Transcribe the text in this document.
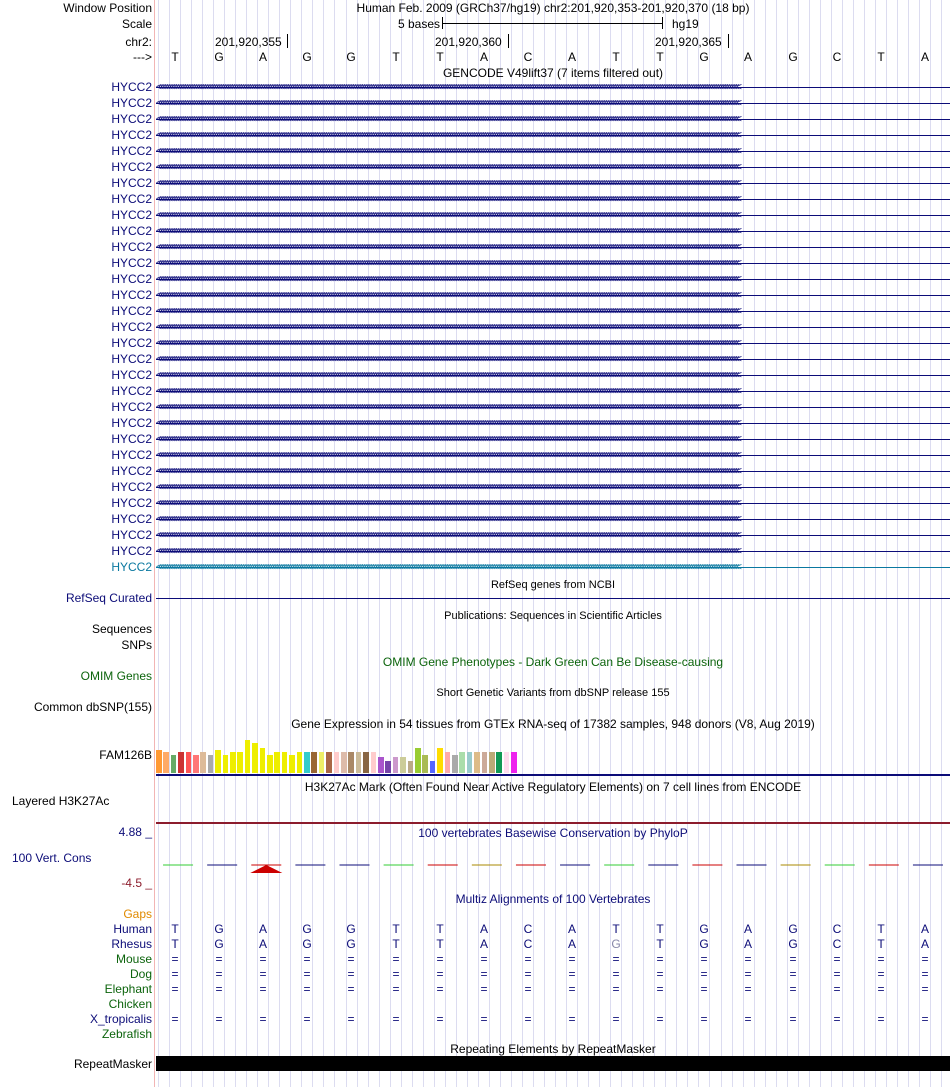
Window Position	Human Feb. 2009 (GRCh37/hg19) chr2:201,920,353-201,920,370 (18 bp)
Scale	5 bases	hg19
chr2:	201,920,355	201,920,360	201,920,365
--->
GENCODE V49lift37 (7 items filtered out)
RefSeq genes from NCBI
RefSeq Curated
Publications: Sequences in Scientific Articles
Sequences
SNPs
OMIM Gene Phenotypes - Dark Green Can Be Disease-causing
OMIM Genes
Short Genetic Variants from dbSNP release 155
Common dbSNP(155)
Gene Expression in 54 tissues from GTEx RNA-seq of 17382 samples, 948 donors (V8, Aug 2019)
FAM126B
H3K27Ac Mark (Often Found Near Active Regulatory Elements) on 7 cell lines from ENCODE
Layered H3K27Ac
100 vertebrates Basewise Conservation by PhyloP
4.88 _
100 Vert. Cons
-4.5 _
Multiz Alignments of 100 Vertebrates
Gaps
Repeating Elements by RepeatMasker
RepeatMasker
T	G	A	G	G	T	T	A	C	A	T	T	G	A	G	C	T	A
HYCC2 <<<<<<<<<<<<<<<<<<<<<<<<<<<<<<<<<<<<<<<<<<<<<<<<<<<<<<<<<<<<<<<<<<<<<<<<<<<<<<<<<<<<<<<<<<<<<<<<<<<<<<<<<<<<<<<<<<<<<<<<<<<<<<<<<<<<<<<<<<<<<<<<<<<<<<<<<<<<<<<<<<<<<<<<<<<<<<<<<<<<<<<<<<<<<<<<<<<<<<<<<<<<<<<<<<<<<<<<<<<<<<<<<<<<<<<<<<<<<<<<<<<<<<<<<<<<<<<<<<<<
HYCC2 <<<<<<<<<<<<<<<<<<<<<<<<<<<<<<<<<<<<<<<<<<<<<<<<<<<<<<<<<<<<<<<<<<<<<<<<<<<<<<<<<<<<<<<<<<<<<<<<<<<<<<<<<<<<<<<<<<<<<<<<<<<<<<<<<<<<<<<<<<<<<<<<<<<<<<<<<<<<<<<<<<<<<<<<<<<<<<<<<<<<<<<<<<<<<<<<<<<<<<<<<<<<<<<<<<<<<<<<<<<<<<<<<<<<<<<<<<<<<<<<<<<<<<<<<<<<<<<<<<<<
HYCC2 <<<<<<<<<<<<<<<<<<<<<<<<<<<<<<<<<<<<<<<<<<<<<<<<<<<<<<<<<<<<<<<<<<<<<<<<<<<<<<<<<<<<<<<<<<<<<<<<<<<<<<<<<<<<<<<<<<<<<<<<<<<<<<<<<<<<<<<<<<<<<<<<<<<<<<<<<<<<<<<<<<<<<<<<<<<<<<<<<<<<<<<<<<<<<<<<<<<<<<<<<<<<<<<<<<<<<<<<<<<<<<<<<<<<<<<<<<<<<<<<<<<<<<<<<<<<<<<<<<<<
HYCC2 <<<<<<<<<<<<<<<<<<<<<<<<<<<<<<<<<<<<<<<<<<<<<<<<<<<<<<<<<<<<<<<<<<<<<<<<<<<<<<<<<<<<<<<<<<<<<<<<<<<<<<<<<<<<<<<<<<<<<<<<<<<<<<<<<<<<<<<<<<<<<<<<<<<<<<<<<<<<<<<<<<<<<<<<<<<<<<<<<<<<<<<<<<<<<<<<<<<<<<<<<<<<<<<<<<<<<<<<<<<<<<<<<<<<<<<<<<<<<<<<<<<<<<<<<<<<<<<<<<<<
HYCC2 <<<<<<<<<<<<<<<<<<<<<<<<<<<<<<<<<<<<<<<<<<<<<<<<<<<<<<<<<<<<<<<<<<<<<<<<<<<<<<<<<<<<<<<<<<<<<<<<<<<<<<<<<<<<<<<<<<<<<<<<<<<<<<<<<<<<<<<<<<<<<<<<<<<<<<<<<<<<<<<<<<<<<<<<<<<<<<<<<<<<<<<<<<<<<<<<<<<<<<<<<<<<<<<<<<<<<<<<<<<<<<<<<<<<<<<<<<<<<<<<<<<<<<<<<<<<<<<<<<<<
HYCC2 <<<<<<<<<<<<<<<<<<<<<<<<<<<<<<<<<<<<<<<<<<<<<<<<<<<<<<<<<<<<<<<<<<<<<<<<<<<<<<<<<<<<<<<<<<<<<<<<<<<<<<<<<<<<<<<<<<<<<<<<<<<<<<<<<<<<<<<<<<<<<<<<<<<<<<<<<<<<<<<<<<<<<<<<<<<<<<<<<<<<<<<<<<<<<<<<<<<<<<<<<<<<<<<<<<<<<<<<<<<<<<<<<<<<<<<<<<<<<<<<<<<<<<<<<<<<<<<<<<<<
HYCC2 <<<<<<<<<<<<<<<<<<<<<<<<<<<<<<<<<<<<<<<<<<<<<<<<<<<<<<<<<<<<<<<<<<<<<<<<<<<<<<<<<<<<<<<<<<<<<<<<<<<<<<<<<<<<<<<<<<<<<<<<<<<<<<<<<<<<<<<<<<<<<<<<<<<<<<<<<<<<<<<<<<<<<<<<<<<<<<<<<<<<<<<<<<<<<<<<<<<<<<<<<<<<<<<<<<<<<<<<<<<<<<<<<<<<<<<<<<<<<<<<<<<<<<<<<<<<<<<<<<<<
HYCC2 <<<<<<<<<<<<<<<<<<<<<<<<<<<<<<<<<<<<<<<<<<<<<<<<<<<<<<<<<<<<<<<<<<<<<<<<<<<<<<<<<<<<<<<<<<<<<<<<<<<<<<<<<<<<<<<<<<<<<<<<<<<<<<<<<<<<<<<<<<<<<<<<<<<<<<<<<<<<<<<<<<<<<<<<<<<<<<<<<<<<<<<<<<<<<<<<<<<<<<<<<<<<<<<<<<<<<<<<<<<<<<<<<<<<<<<<<<<<<<<<<<<<<<<<<<<<<<<<<<<<
HYCC2 <<<<<<<<<<<<<<<<<<<<<<<<<<<<<<<<<<<<<<<<<<<<<<<<<<<<<<<<<<<<<<<<<<<<<<<<<<<<<<<<<<<<<<<<<<<<<<<<<<<<<<<<<<<<<<<<<<<<<<<<<<<<<<<<<<<<<<<<<<<<<<<<<<<<<<<<<<<<<<<<<<<<<<<<<<<<<<<<<<<<<<<<<<<<<<<<<<<<<<<<<<<<<<<<<<<<<<<<<<<<<<<<<<<<<<<<<<<<<<<<<<<<<<<<<<<<<<<<<<<<
HYCC2 <<<<<<<<<<<<<<<<<<<<<<<<<<<<<<<<<<<<<<<<<<<<<<<<<<<<<<<<<<<<<<<<<<<<<<<<<<<<<<<<<<<<<<<<<<<<<<<<<<<<<<<<<<<<<<<<<<<<<<<<<<<<<<<<<<<<<<<<<<<<<<<<<<<<<<<<<<<<<<<<<<<<<<<<<<<<<<<<<<<<<<<<<<<<<<<<<<<<<<<<<<<<<<<<<<<<<<<<<<<<<<<<<<<<<<<<<<<<<<<<<<<<<<<<<<<<<<<<<<<<
HYCC2 <<<<<<<<<<<<<<<<<<<<<<<<<<<<<<<<<<<<<<<<<<<<<<<<<<<<<<<<<<<<<<<<<<<<<<<<<<<<<<<<<<<<<<<<<<<<<<<<<<<<<<<<<<<<<<<<<<<<<<<<<<<<<<<<<<<<<<<<<<<<<<<<<<<<<<<<<<<<<<<<<<<<<<<<<<<<<<<<<<<<<<<<<<<<<<<<<<<<<<<<<<<<<<<<<<<<<<<<<<<<<<<<<<<<<<<<<<<<<<<<<<<<<<<<<<<<<<<<<<<<
HYCC2 <<<<<<<<<<<<<<<<<<<<<<<<<<<<<<<<<<<<<<<<<<<<<<<<<<<<<<<<<<<<<<<<<<<<<<<<<<<<<<<<<<<<<<<<<<<<<<<<<<<<<<<<<<<<<<<<<<<<<<<<<<<<<<<<<<<<<<<<<<<<<<<<<<<<<<<<<<<<<<<<<<<<<<<<<<<<<<<<<<<<<<<<<<<<<<<<<<<<<<<<<<<<<<<<<<<<<<<<<<<<<<<<<<<<<<<<<<<<<<<<<<<<<<<<<<<<<<<<<<<<
HYCC2 <<<<<<<<<<<<<<<<<<<<<<<<<<<<<<<<<<<<<<<<<<<<<<<<<<<<<<<<<<<<<<<<<<<<<<<<<<<<<<<<<<<<<<<<<<<<<<<<<<<<<<<<<<<<<<<<<<<<<<<<<<<<<<<<<<<<<<<<<<<<<<<<<<<<<<<<<<<<<<<<<<<<<<<<<<<<<<<<<<<<<<<<<<<<<<<<<<<<<<<<<<<<<<<<<<<<<<<<<<<<<<<<<<<<<<<<<<<<<<<<<<<<<<<<<<<<<<<<<<<<
HYCC2 <<<<<<<<<<<<<<<<<<<<<<<<<<<<<<<<<<<<<<<<<<<<<<<<<<<<<<<<<<<<<<<<<<<<<<<<<<<<<<<<<<<<<<<<<<<<<<<<<<<<<<<<<<<<<<<<<<<<<<<<<<<<<<<<<<<<<<<<<<<<<<<<<<<<<<<<<<<<<<<<<<<<<<<<<<<<<<<<<<<<<<<<<<<<<<<<<<<<<<<<<<<<<<<<<<<<<<<<<<<<<<<<<<<<<<<<<<<<<<<<<<<<<<<<<<<<<<<<<<<<
HYCC2 <<<<<<<<<<<<<<<<<<<<<<<<<<<<<<<<<<<<<<<<<<<<<<<<<<<<<<<<<<<<<<<<<<<<<<<<<<<<<<<<<<<<<<<<<<<<<<<<<<<<<<<<<<<<<<<<<<<<<<<<<<<<<<<<<<<<<<<<<<<<<<<<<<<<<<<<<<<<<<<<<<<<<<<<<<<<<<<<<<<<<<<<<<<<<<<<<<<<<<<<<<<<<<<<<<<<<<<<<<<<<<<<<<<<<<<<<<<<<<<<<<<<<<<<<<<<<<<<<<<<
HYCC2 <<<<<<<<<<<<<<<<<<<<<<<<<<<<<<<<<<<<<<<<<<<<<<<<<<<<<<<<<<<<<<<<<<<<<<<<<<<<<<<<<<<<<<<<<<<<<<<<<<<<<<<<<<<<<<<<<<<<<<<<<<<<<<<<<<<<<<<<<<<<<<<<<<<<<<<<<<<<<<<<<<<<<<<<<<<<<<<<<<<<<<<<<<<<<<<<<<<<<<<<<<<<<<<<<<<<<<<<<<<<<<<<<<<<<<<<<<<<<<<<<<<<<<<<<<<<<<<<<<<<
HYCC2 <<<<<<<<<<<<<<<<<<<<<<<<<<<<<<<<<<<<<<<<<<<<<<<<<<<<<<<<<<<<<<<<<<<<<<<<<<<<<<<<<<<<<<<<<<<<<<<<<<<<<<<<<<<<<<<<<<<<<<<<<<<<<<<<<<<<<<<<<<<<<<<<<<<<<<<<<<<<<<<<<<<<<<<<<<<<<<<<<<<<<<<<<<<<<<<<<<<<<<<<<<<<<<<<<<<<<<<<<<<<<<<<<<<<<<<<<<<<<<<<<<<<<<<<<<<<<<<<<<<<
HYCC2 <<<<<<<<<<<<<<<<<<<<<<<<<<<<<<<<<<<<<<<<<<<<<<<<<<<<<<<<<<<<<<<<<<<<<<<<<<<<<<<<<<<<<<<<<<<<<<<<<<<<<<<<<<<<<<<<<<<<<<<<<<<<<<<<<<<<<<<<<<<<<<<<<<<<<<<<<<<<<<<<<<<<<<<<<<<<<<<<<<<<<<<<<<<<<<<<<<<<<<<<<<<<<<<<<<<<<<<<<<<<<<<<<<<<<<<<<<<<<<<<<<<<<<<<<<<<<<<<<<<<
HYCC2 <<<<<<<<<<<<<<<<<<<<<<<<<<<<<<<<<<<<<<<<<<<<<<<<<<<<<<<<<<<<<<<<<<<<<<<<<<<<<<<<<<<<<<<<<<<<<<<<<<<<<<<<<<<<<<<<<<<<<<<<<<<<<<<<<<<<<<<<<<<<<<<<<<<<<<<<<<<<<<<<<<<<<<<<<<<<<<<<<<<<<<<<<<<<<<<<<<<<<<<<<<<<<<<<<<<<<<<<<<<<<<<<<<<<<<<<<<<<<<<<<<<<<<<<<<<<<<<<<<<<
HYCC2 <<<<<<<<<<<<<<<<<<<<<<<<<<<<<<<<<<<<<<<<<<<<<<<<<<<<<<<<<<<<<<<<<<<<<<<<<<<<<<<<<<<<<<<<<<<<<<<<<<<<<<<<<<<<<<<<<<<<<<<<<<<<<<<<<<<<<<<<<<<<<<<<<<<<<<<<<<<<<<<<<<<<<<<<<<<<<<<<<<<<<<<<<<<<<<<<<<<<<<<<<<<<<<<<<<<<<<<<<<<<<<<<<<<<<<<<<<<<<<<<<<<<<<<<<<<<<<<<<<<<
HYCC2 <<<<<<<<<<<<<<<<<<<<<<<<<<<<<<<<<<<<<<<<<<<<<<<<<<<<<<<<<<<<<<<<<<<<<<<<<<<<<<<<<<<<<<<<<<<<<<<<<<<<<<<<<<<<<<<<<<<<<<<<<<<<<<<<<<<<<<<<<<<<<<<<<<<<<<<<<<<<<<<<<<<<<<<<<<<<<<<<<<<<<<<<<<<<<<<<<<<<<<<<<<<<<<<<<<<<<<<<<<<<<<<<<<<<<<<<<<<<<<<<<<<<<<<<<<<<<<<<<<<<
HYCC2 <<<<<<<<<<<<<<<<<<<<<<<<<<<<<<<<<<<<<<<<<<<<<<<<<<<<<<<<<<<<<<<<<<<<<<<<<<<<<<<<<<<<<<<<<<<<<<<<<<<<<<<<<<<<<<<<<<<<<<<<<<<<<<<<<<<<<<<<<<<<<<<<<<<<<<<<<<<<<<<<<<<<<<<<<<<<<<<<<<<<<<<<<<<<<<<<<<<<<<<<<<<<<<<<<<<<<<<<<<<<<<<<<<<<<<<<<<<<<<<<<<<<<<<<<<<<<<<<<<<<
HYCC2 <<<<<<<<<<<<<<<<<<<<<<<<<<<<<<<<<<<<<<<<<<<<<<<<<<<<<<<<<<<<<<<<<<<<<<<<<<<<<<<<<<<<<<<<<<<<<<<<<<<<<<<<<<<<<<<<<<<<<<<<<<<<<<<<<<<<<<<<<<<<<<<<<<<<<<<<<<<<<<<<<<<<<<<<<<<<<<<<<<<<<<<<<<<<<<<<<<<<<<<<<<<<<<<<<<<<<<<<<<<<<<<<<<<<<<<<<<<<<<<<<<<<<<<<<<<<<<<<<<<<
HYCC2 <<<<<<<<<<<<<<<<<<<<<<<<<<<<<<<<<<<<<<<<<<<<<<<<<<<<<<<<<<<<<<<<<<<<<<<<<<<<<<<<<<<<<<<<<<<<<<<<<<<<<<<<<<<<<<<<<<<<<<<<<<<<<<<<<<<<<<<<<<<<<<<<<<<<<<<<<<<<<<<<<<<<<<<<<<<<<<<<<<<<<<<<<<<<<<<<<<<<<<<<<<<<<<<<<<<<<<<<<<<<<<<<<<<<<<<<<<<<<<<<<<<<<<<<<<<<<<<<<<<<
HYCC2 <<<<<<<<<<<<<<<<<<<<<<<<<<<<<<<<<<<<<<<<<<<<<<<<<<<<<<<<<<<<<<<<<<<<<<<<<<<<<<<<<<<<<<<<<<<<<<<<<<<<<<<<<<<<<<<<<<<<<<<<<<<<<<<<<<<<<<<<<<<<<<<<<<<<<<<<<<<<<<<<<<<<<<<<<<<<<<<<<<<<<<<<<<<<<<<<<<<<<<<<<<<<<<<<<<<<<<<<<<<<<<<<<<<<<<<<<<<<<<<<<<<<<<<<<<<<<<<<<<<<
HYCC2 <<<<<<<<<<<<<<<<<<<<<<<<<<<<<<<<<<<<<<<<<<<<<<<<<<<<<<<<<<<<<<<<<<<<<<<<<<<<<<<<<<<<<<<<<<<<<<<<<<<<<<<<<<<<<<<<<<<<<<<<<<<<<<<<<<<<<<<<<<<<<<<<<<<<<<<<<<<<<<<<<<<<<<<<<<<<<<<<<<<<<<<<<<<<<<<<<<<<<<<<<<<<<<<<<<<<<<<<<<<<<<<<<<<<<<<<<<<<<<<<<<<<<<<<<<<<<<<<<<<<
HYCC2 <<<<<<<<<<<<<<<<<<<<<<<<<<<<<<<<<<<<<<<<<<<<<<<<<<<<<<<<<<<<<<<<<<<<<<<<<<<<<<<<<<<<<<<<<<<<<<<<<<<<<<<<<<<<<<<<<<<<<<<<<<<<<<<<<<<<<<<<<<<<<<<<<<<<<<<<<<<<<<<<<<<<<<<<<<<<<<<<<<<<<<<<<<<<<<<<<<<<<<<<<<<<<<<<<<<<<<<<<<<<<<<<<<<<<<<<<<<<<<<<<<<<<<<<<<<<<<<<<<<<
HYCC2 <<<<<<<<<<<<<<<<<<<<<<<<<<<<<<<<<<<<<<<<<<<<<<<<<<<<<<<<<<<<<<<<<<<<<<<<<<<<<<<<<<<<<<<<<<<<<<<<<<<<<<<<<<<<<<<<<<<<<<<<<<<<<<<<<<<<<<<<<<<<<<<<<<<<<<<<<<<<<<<<<<<<<<<<<<<<<<<<<<<<<<<<<<<<<<<<<<<<<<<<<<<<<<<<<<<<<<<<<<<<<<<<<<<<<<<<<<<<<<<<<<<<<<<<<<<<<<<<<<<<
HYCC2 <<<<<<<<<<<<<<<<<<<<<<<<<<<<<<<<<<<<<<<<<<<<<<<<<<<<<<<<<<<<<<<<<<<<<<<<<<<<<<<<<<<<<<<<<<<<<<<<<<<<<<<<<<<<<<<<<<<<<<<<<<<<<<<<<<<<<<<<<<<<<<<<<<<<<<<<<<<<<<<<<<<<<<<<<<<<<<<<<<<<<<<<<<<<<<<<<<<<<<<<<<<<<<<<<<<<<<<<<<<<<<<<<<<<<<<<<<<<<<<<<<<<<<<<<<<<<<<<<<<<
HYCC2 <<<<<<<<<<<<<<<<<<<<<<<<<<<<<<<<<<<<<<<<<<<<<<<<<<<<<<<<<<<<<<<<<<<<<<<<<<<<<<<<<<<<<<<<<<<<<<<<<<<<<<<<<<<<<<<<<<<<<<<<<<<<<<<<<<<<<<<<<<<<<<<<<<<<<<<<<<<<<<<<<<<<<<<<<<<<<<<<<<<<<<<<<<<<<<<<<<<<<<<<<<<<<<<<<<<<<<<<<<<<<<<<<<<<<<<<<<<<<<<<<<<<<<<<<<<<<<<<<<<<
HYCC2 <<<<<<<<<<<<<<<<<<<<<<<<<<<<<<<<<<<<<<<<<<<<<<<<<<<<<<<<<<<<<<<<<<<<<<<<<<<<<<<<<<<<<<<<<<<<<<<<<<<<<<<<<<<<<<<<<<<<<<<<<<<<<<<<<<<<<<<<<<<<<<<<<<<<<<<<<<<<<<<<<<<<<<<<<<<<<<<<<<<<<<<<<<<<<<<<<<<<<<<<<<<<<<<<<<<<<<<<<<<<<<<<<<<<<<<<<<<<<<<<<<<<<<<<<<<<<<<<<<<<
Human	T	G	A	G	G	T	T	A	C	A	T	T	G	A	G	C	T	A
Rhesus	T	G	A	G	G	T	T	A	C	A	G	T	G	A	G	C	T	A
Mouse	=	=	=	=	=	=	=	=	=	=	=	=	=	=	=	=	=	=
Dog	=	=	=	=	=	=	=	=	=	=	=	=	=	=	=	=	=	=
Elephant	=	=	=	=	=	=	=	=	=	=	=	=	=	=	=	=	=	=
Chicken
X_tropicalis	=	=	=	=	=	=	=	=	=	=	=	=	=	=	=	=	=	=
Zebrafish
